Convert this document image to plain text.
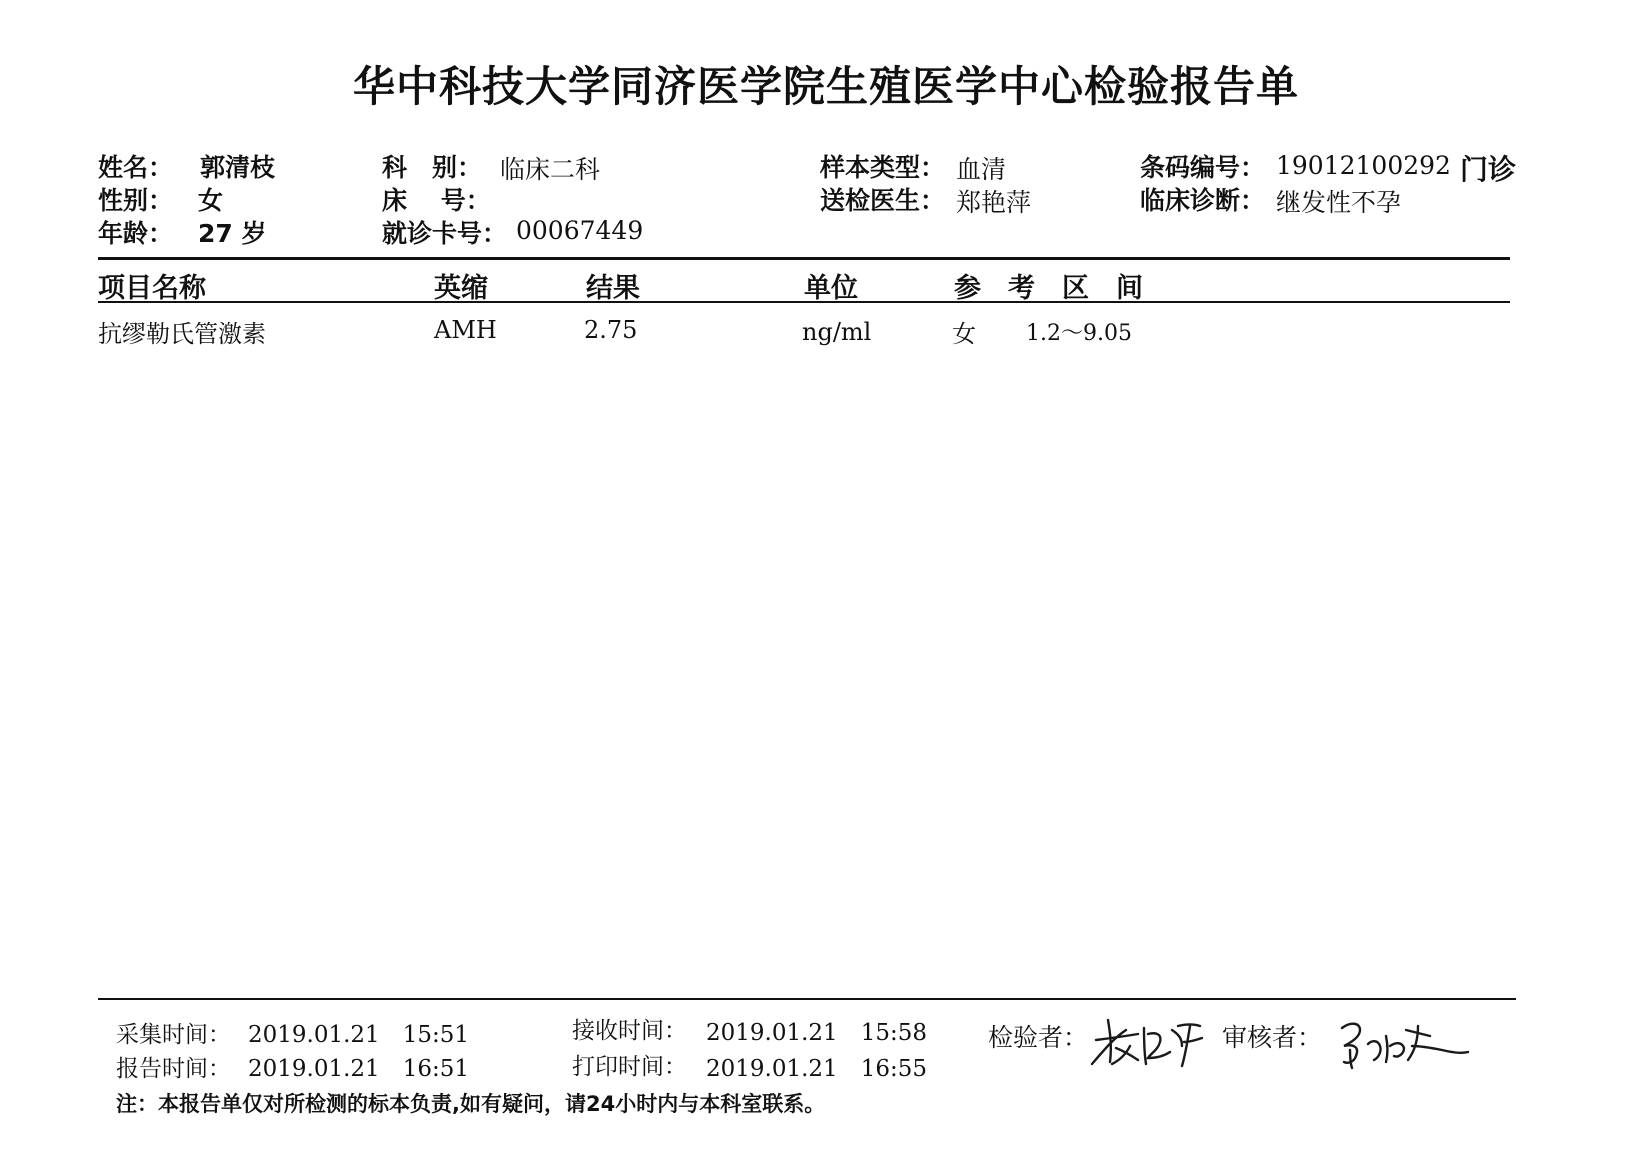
华中科技大学同济医学院生殖医学中心检验报告单
姓名： 郭清枝
性别： 女
年龄： 27 岁
科　别： 临床二科
床　 号：
就诊卡号： 00067449
样本类型： 血清
送检医生： 郑艳萍
条码编号： 19012100292 门诊
临床诊断： 继发性不孕
项目名称	英缩	结果	单位	参　考　区　间
抗缪勒氏管激素	AMH	2.75	ng/ml	女 1.2～9.05
采集时间： 2019.01.21　15:51
报告时间： 2019.01.21　16:51
接收时间： 2019.01.21　15:58
打印时间： 2019.01.21　16:55
检验者：	审核者：
注：本报告单仅对所检测的标本负责,如有疑问，请24小时内与本科室联系。
